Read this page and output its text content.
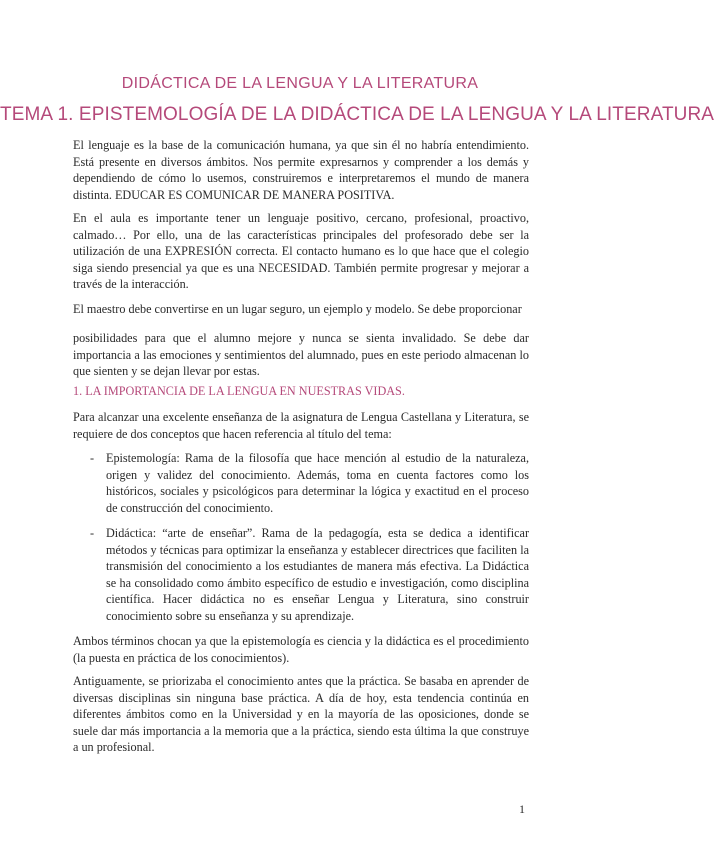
DIDÁCTICA DE LA LENGUA Y LA LITERATURA
TEMA 1. EPISTEMOLOGÍA DE LA DIDÁCTICA DE LA LENGUA Y LA LITERATURA

El lenguaje es la base de la comunicación humana, ya que sin él no habría entendimiento. Está presente en diversos ámbitos. Nos permite expresarnos y comprender a los demás y dependiendo de cómo lo usemos, construiremos e interpretaremos el mundo de manera distinta. EDUCAR ES COMUNICAR DE MANERA POSITIVA.

En el aula es importante tener un lenguaje positivo, cercano, profesional, proactivo, calmado… Por ello, una de las características principales del profesorado debe ser la utilización de una EXPRESIÓN correcta. El contacto humano es lo que hace que el colegio siga siendo presencial ya que es una NECESIDAD. También permite progresar y mejorar a través de la interacción.

El maestro debe convertirse en un lugar seguro, un ejemplo y modelo. Se debe proporcionar

posibilidades para que el alumno mejore y nunca se sienta invalidado. Se debe dar importancia a las emociones y sentimientos del alumnado, pues en este periodo almacenan lo que sienten y se dejan llevar por estas.

1. LA IMPORTANCIA DE LA LENGUA EN NUESTRAS VIDAS.

Para alcanzar una excelente enseñanza de la asignatura de Lengua Castellana y Literatura, se requiere de dos conceptos que hacen referencia al título del tema:

- Epistemología: Rama de la filosofía que hace mención al estudio de la naturaleza, origen y validez del conocimiento. Además, toma en cuenta factores como los históricos, sociales y psicológicos para determinar la lógica y exactitud en el proceso de construcción del conocimiento.
- Didáctica: “arte de enseñar”. Rama de la pedagogía, esta se dedica a identificar métodos y técnicas para optimizar la enseñanza y establecer directrices que faciliten la transmisión del conocimiento a los estudiantes de manera más efectiva. La Didáctica se ha consolidado como ámbito específico de estudio e investigación, como disciplina científica. Hacer didáctica no es enseñar Lengua y Literatura, sino construir conocimiento sobre su enseñanza y su aprendizaje.

Ambos términos chocan ya que la epistemología es ciencia y la didáctica es el procedimiento (la puesta en práctica de los conocimientos).

Antiguamente, se priorizaba el conocimiento antes que la práctica. Se basaba en aprender de diversas disciplinas sin ninguna base práctica. A día de hoy, esta tendencia continúa en diferentes ámbitos como en la Universidad y en la mayoría de las oposiciones, donde se suele dar más importancia a la memoria que a la práctica, siendo esta última la que construye a un profesional.

1
